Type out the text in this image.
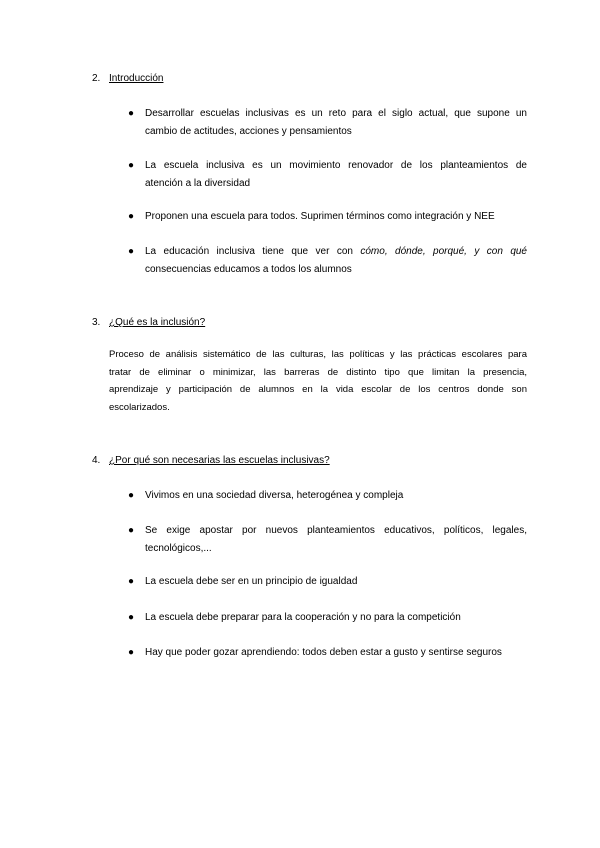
2. Introducción
● Desarrollar escuelas inclusivas es un reto para el siglo actual, que supone un
cambio de actitudes, acciones y pensamientos
● La escuela inclusiva es un movimiento renovador de los planteamientos de
atención a la diversidad
● Proponen una escuela para todos. Suprimen términos como integración y NEE
● La educación inclusiva tiene que ver con cómo, dónde, porqué, y con qué
consecuencias educamos a todos los alumnos
3. ¿Qué es la inclusión?
Proceso de análisis sistemático de las culturas, las políticas y las prácticas escolares para
tratar de eliminar o minimizar, las barreras de distinto tipo que limitan la presencia,
aprendizaje y participación de alumnos en la vida escolar de los centros donde son
escolarizados.
4. ¿Por qué son necesarias las escuelas inclusivas?
● Vivimos en una sociedad diversa, heterogénea y compleja
● Se exige apostar por nuevos planteamientos educativos, políticos, legales,
tecnológicos,...
● La escuela debe ser en un principio de igualdad
● La escuela debe preparar para la cooperación y no para la competición
● Hay que poder gozar aprendiendo: todos deben estar a gusto y sentirse seguros
